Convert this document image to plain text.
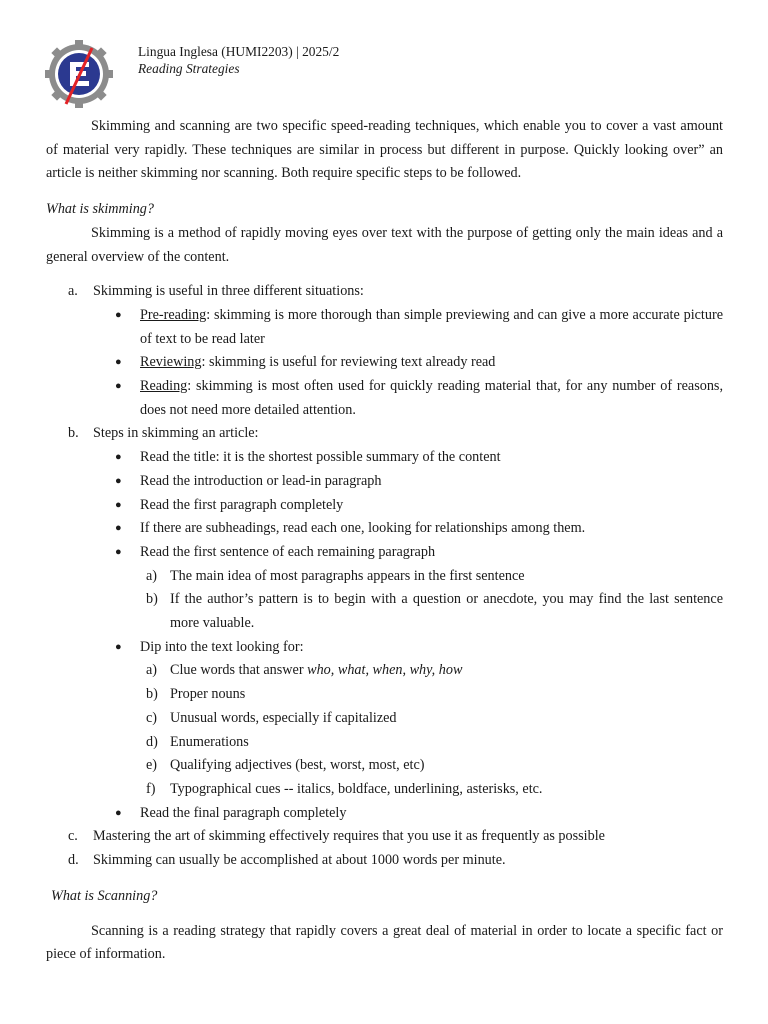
Lingua Inglesa (HUMI2203) | 2025/2
Reading Strategies

Skimming and scanning are two specific speed-reading techniques, which enable you to cover a vast amount of material very rapidly. These techniques are similar in process but different in purpose. Quickly looking over” an article is neither skimming nor scanning. Both require specific steps to be followed.

What is skimming?

Skimming is a method of rapidly moving eyes over text with the purpose of getting only the main ideas and a general overview of the content.

a. Skimming is useful in three different situations:
● Pre-reading: skimming is more thorough than simple previewing and can give a more accurate picture of text to be read later
● Reviewing: skimming is useful for reviewing text already read
● Reading: skimming is most often used for quickly reading material that, for any number of reasons, does not need more detailed attention.
b. Steps in skimming an article:
● Read the title: it is the shortest possible summary of the content
● Read the introduction or lead-in paragraph
● Read the first paragraph completely
● If there are subheadings, read each one, looking for relationships among them.
● Read the first sentence of each remaining paragraph
a) The main idea of most paragraphs appears in the first sentence
b) If the author’s pattern is to begin with a question or anecdote, you may find the last sentence more valuable.
● Dip into the text looking for:
a) Clue words that answer who, what, when, why, how
b) Proper nouns
c) Unusual words, especially if capitalized
d) Enumerations
e) Qualifying adjectives (best, worst, most, etc)
f) Typographical cues -- italics, boldface, underlining, asterisks, etc.
● Read the final paragraph completely
c. Mastering the art of skimming effectively requires that you use it as frequently as possible
d. Skimming can usually be accomplished at about 1000 words per minute.

What is Scanning?

Scanning is a reading strategy that rapidly covers a great deal of material in order to locate a specific fact or piece of information.
